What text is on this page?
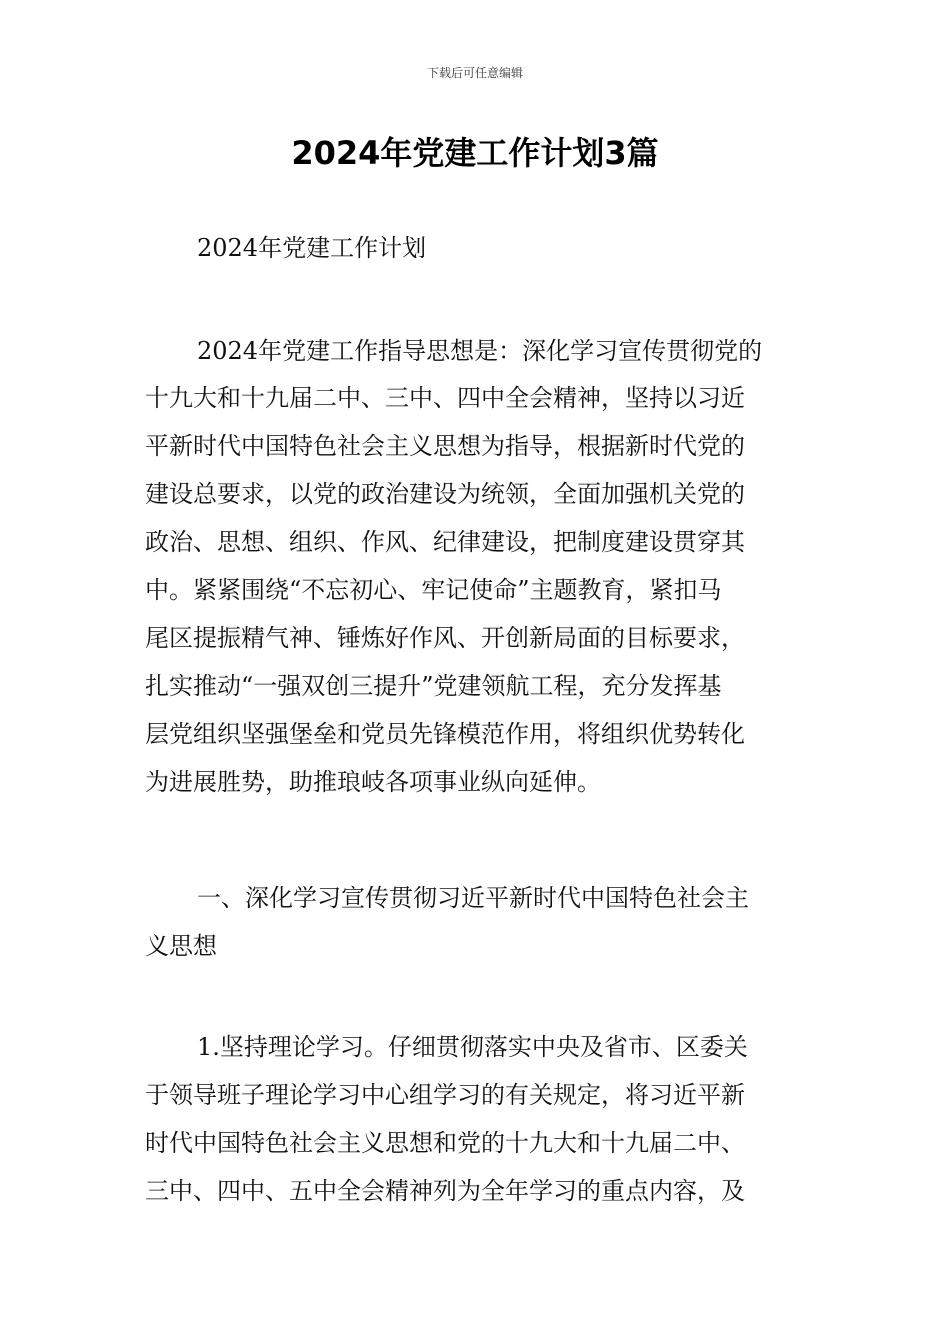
下载后可任意编辑
2024年党建工作计划3篇

2024年党建工作计划

2024年党建工作指导思想是：深化学习宣传贯彻党的

十九大和十九届二中、三中、四中全会精神，坚持以习近

平新时代中国特色社会主义思想为指导，根据新时代党的

建设总要求，以党的政治建设为统领，全面加强机关党的

政治、思想、组织、作风、纪律建设，把制度建设贯穿其

中。紧紧围绕“不忘初心、牢记使命”主题教育，紧扣马

尾区提振精气神、锤炼好作风、开创新局面的目标要求，

扎实推动“一强双创三提升”党建领航工程，充分发挥基

层党组织坚强堡垒和党员先锋模范作用，将组织优势转化

为进展胜势，助推琅岐各项事业纵向延伸。

一、深化学习宣传贯彻习近平新时代中国特色社会主

义思想

1.坚持理论学习。仔细贯彻落实中央及省市、区委关

于领导班子理论学习中心组学习的有关规定，将习近平新

时代中国特色社会主义思想和党的十九大和十九届二中、

三中、四中、五中全会精神列为全年学习的重点内容，及
